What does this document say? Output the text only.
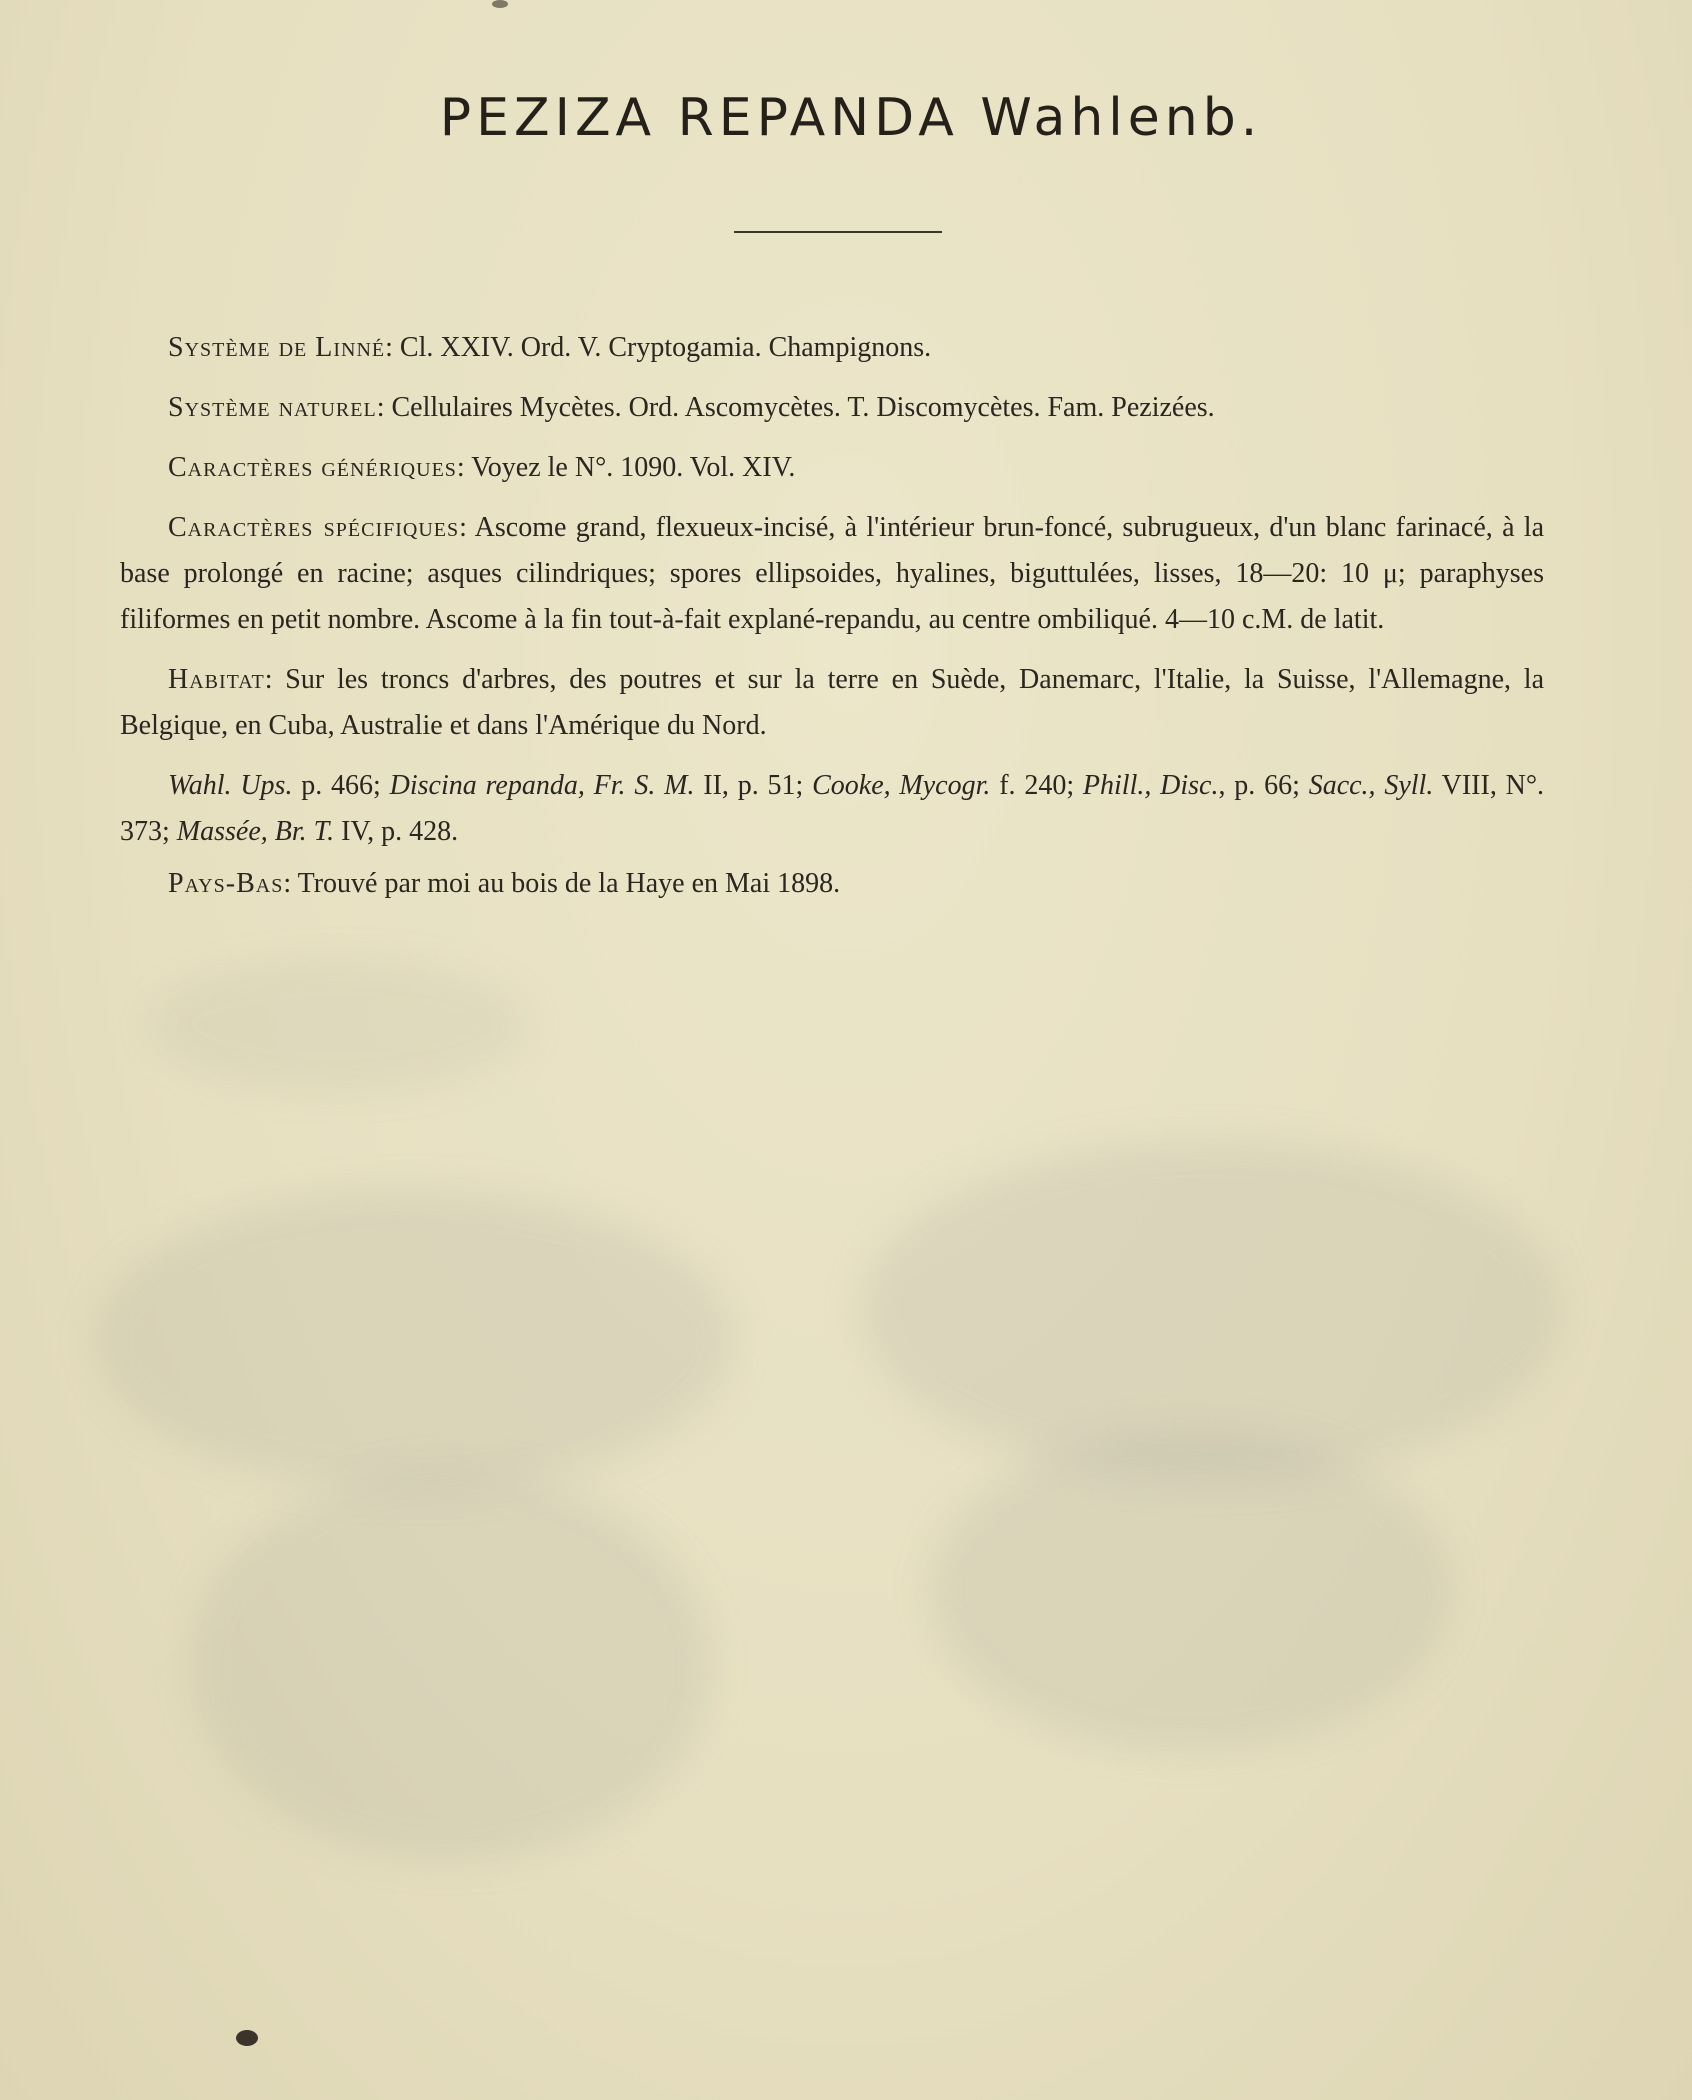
PEZIZA REPANDA Wahlenb.

Système de Linné: Cl. XXIV. Ord. V. Cryptogamia. Champignons.

Système naturel: Cellulaires Mycètes. Ord. Ascomycètes. T. Discomycètes. Fam. Pezizées.

Caractères génériques: Voyez le N°. 1090. Vol. XIV.

Caractères spécifiques: Ascome grand, flexueux-incisé, à l'intérieur brun-foncé, subrugueux, d'un blanc farinacé, à la base prolongé en racine; asques cilindriques; spores ellipsoides, hyalines, biguttulées, lisses, 18—20: 10 μ; paraphyses filiformes en petit nombre. Ascome à la fin tout-à-fait explané-repandu, au centre ombiliqué. 4—10 c.M. de latit.

Habitat: Sur les troncs d'arbres, des poutres et sur la terre en Suède, Danemarc, l'Italie, la Suisse, l'Allemagne, la Belgique, en Cuba, Australie et dans l'Amérique du Nord.

Wahl. Ups. p. 466; Discina repanda, Fr. S. M. II, p. 51; Cooke, Mycogr. f. 240; Phill., Disc., p. 66; Sacc., Syll. VIII, N°. 373; Massée, Br. T. IV, p. 428.

Pays-Bas: Trouvé par moi au bois de la Haye en Mai 1898.
